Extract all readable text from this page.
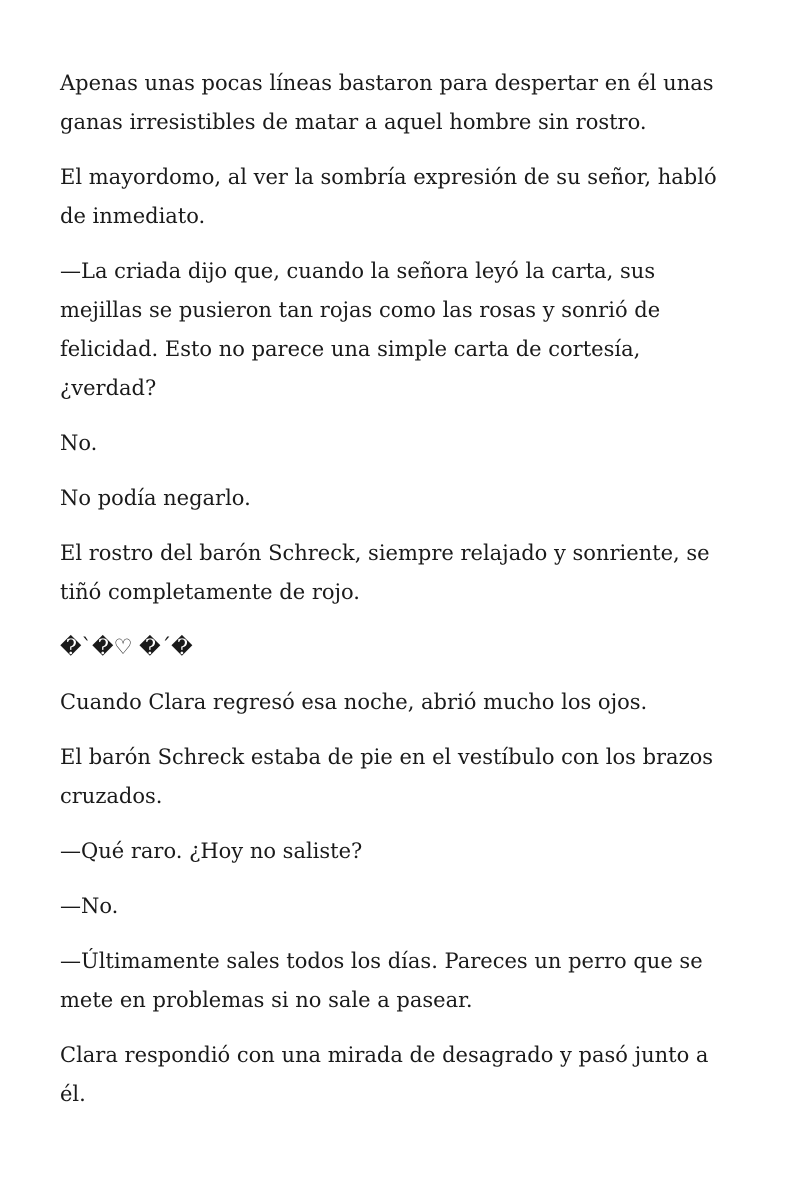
Apenas unas pocas líneas bastaron para despertar en él unas ganas irresistibles de matar a aquel hombre sin rostro.

El mayordomo, al ver la sombría expresión de su señor, habló de inmediato.

—La criada dijo que, cuando la señora leyó la carta, sus mejillas se pusieron tan rojas como las rosas y sonrió de felicidad. Esto no parece una simple carta de cortesía, ¿verdad?

No.

No podía negarlo.

El rostro del barón Schreck, siempre relajado y sonriente, se tiñó completamente de rojo.

�`�♡ �´�

Cuando Clara regresó esa noche, abrió mucho los ojos.

El barón Schreck estaba de pie en el vestíbulo con los brazos cruzados.

—Qué raro. ¿Hoy no saliste?

—No.

—Últimamente sales todos los días. Pareces un perro que se mete en problemas si no sale a pasear.

Clara respondió con una mirada de desagrado y pasó junto a él.
